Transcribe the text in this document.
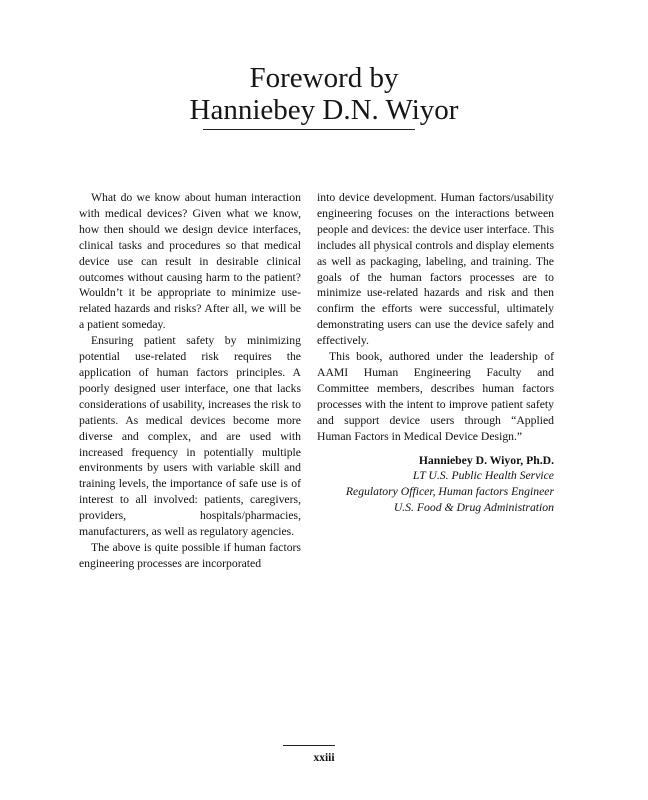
Foreword by
Hanniebey D.N. Wiyor

What do we know about human interaction with medical devices? Given what we know, how then should we design device interfaces, clinical tasks and procedures so that medical device use can result in desirable clinical outcomes without causing harm to the patient? Wouldn’t it be appropriate to minimize use-related hazards and risks? After all, we will be a patient someday.

Ensuring patient safety by minimizing potential use-related risk requires the application of human factors principles. A poorly designed user interface, one that lacks considerations of usability, increases the risk to patients. As medical devices become more diverse and complex, and are used with increased frequency in potentially multiple environments by users with variable skill and training levels, the importance of safe use is of interest to all involved: patients, caregivers, providers, hospitals/pharmacies, manufacturers, as well as regulatory agencies.

The above is quite possible if human factors engineering processes are incorporated

into device development. Human factors/usability engineering focuses on the interactions between people and devices: the device user interface. This includes all physical controls and display elements as well as packaging, labeling, and training. The goals of the human factors processes are to minimize use-related hazards and risk and then confirm the efforts were successful, ultimately demonstrating users can use the device safely and effectively.

This book, authored under the leadership of AAMI Human Engineering Faculty and Committee members, describes human factors processes with the intent to improve patient safety and support device users through “Applied Human Factors in Medical Device Design.”

Hanniebey D. Wiyor, Ph.D.
LT U.S. Public Health Service
Regulatory Officer, Human factors Engineer
U.S. Food & Drug Administration
xxiii
